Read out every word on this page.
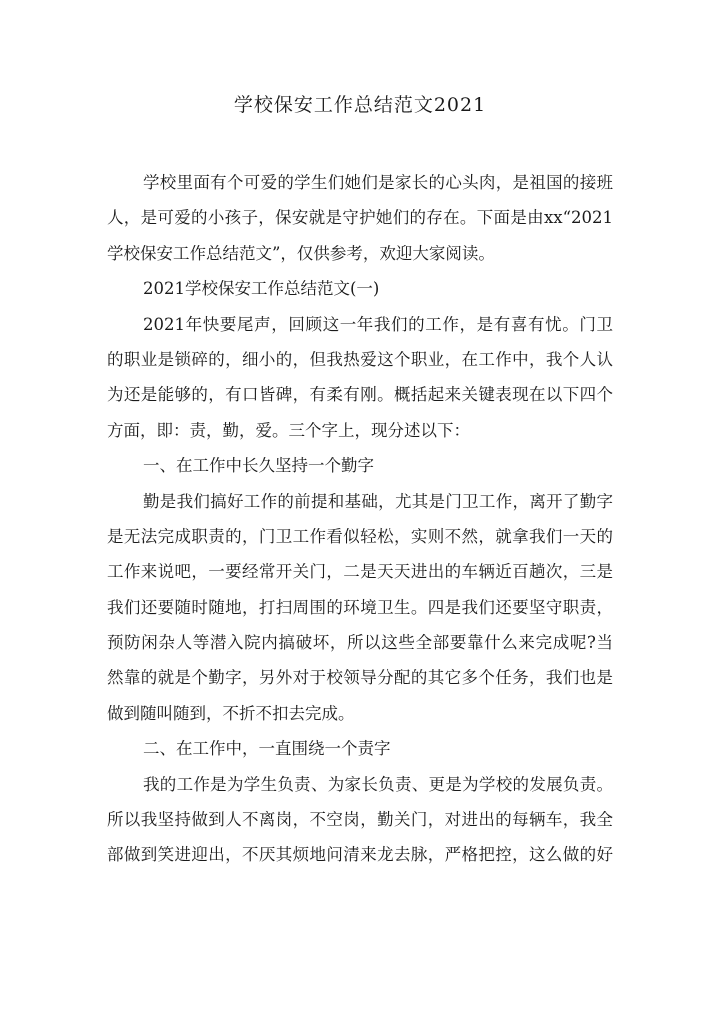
学校保安工作总结范文2021
学校里面有个可爱的学生们她们是家长的心头肉，是祖国的接班
人，是可爱的小孩子，保安就是守护她们的存在。下面是由xx“2021
学校保安工作总结范文”，仅供参考，欢迎大家阅读。
2021学校保安工作总结范文(一)
2021年快要尾声，回顾这一年我们的工作，是有喜有忧。门卫
的职业是锁碎的，细小的，但我热爱这个职业，在工作中，我个人认
为还是能够的，有口皆碑，有柔有刚。概括起来关键表现在以下四个
方面，即：责，勤，爱。三个字上，现分述以下：
一、在工作中长久坚持一个勤字
勤是我们搞好工作的前提和基础，尤其是门卫工作，离开了勤字
是无法完成职责的，门卫工作看似轻松，实则不然，就拿我们一天的
工作来说吧，一要经常开关门，二是天天进出的车辆近百趟次，三是
我们还要随时随地，打扫周围的环境卫生。四是我们还要坚守职责，
预防闲杂人等潜入院内搞破坏，所以这些全部要靠什么来完成呢?当
然靠的就是个勤字，另外对于校领导分配的其它多个任务，我们也是
做到随叫随到，不折不扣去完成。
二、在工作中，一直围绕一个责字
我的工作是为学生负责、为家长负责、更是为学校的发展负责。
所以我坚持做到人不离岗，不空岗，勤关门，对进出的每辆车，我全
部做到笑进迎出，不厌其烦地问清来龙去脉，严格把控，这么做的好
